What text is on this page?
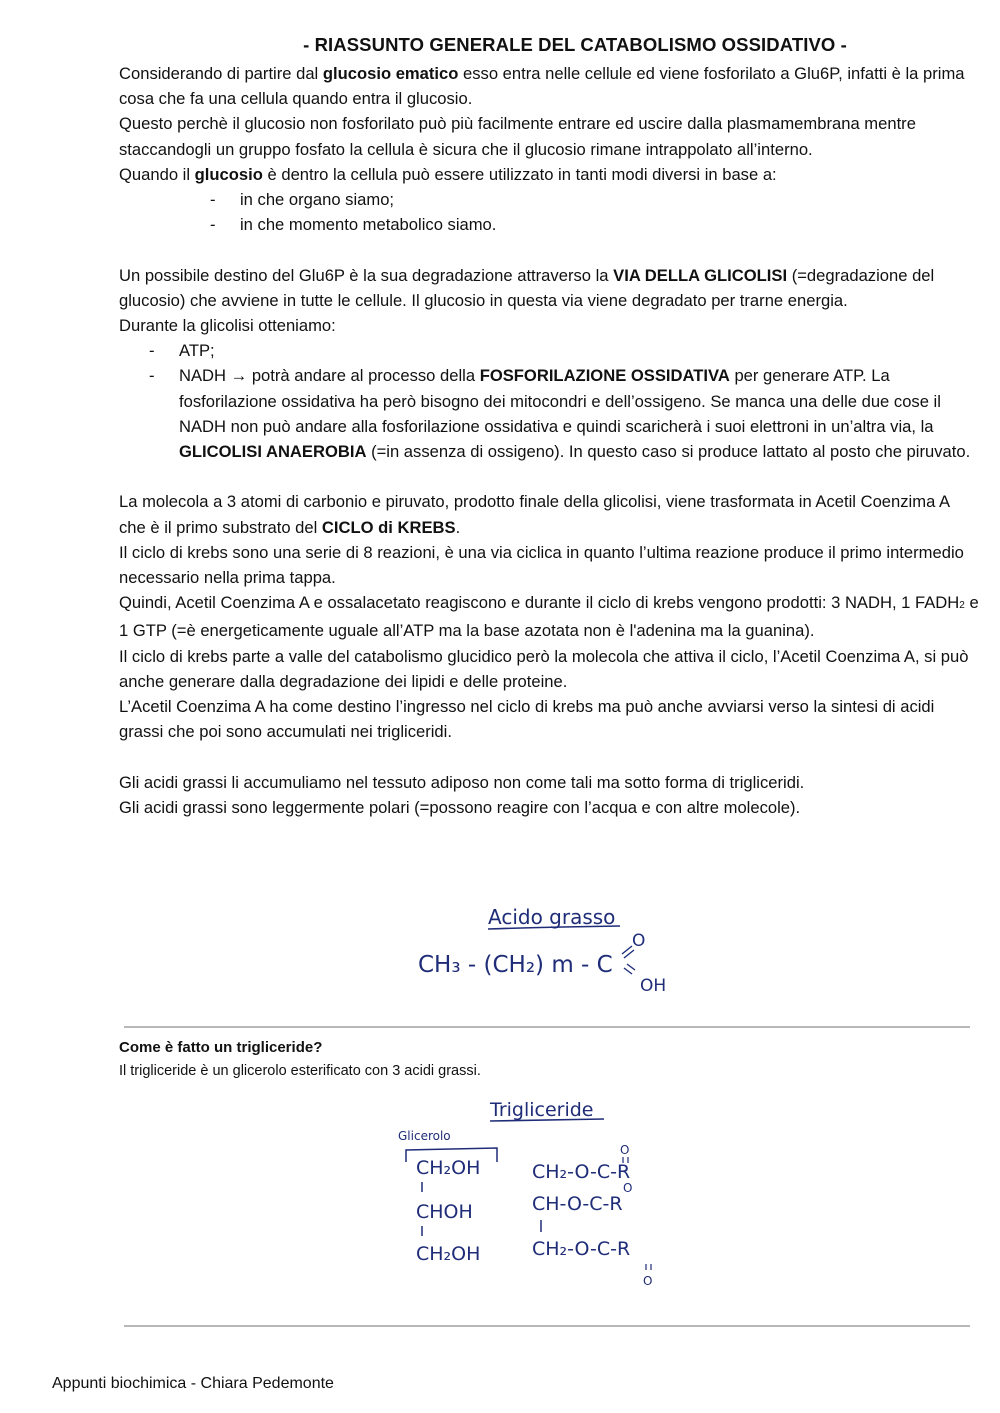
- RIASSUNTO GENERALE DEL CATABOLISMO OSSIDATIVO -

Considerando di partire dal glucosio ematico esso entra nelle cellule ed viene fosforilato a Glu6P, infatti è la prima cosa che fa una cellula quando entra il glucosio.

Questo perchè il glucosio non fosforilato può più facilmente entrare ed uscire dalla plasmamembrana mentre staccandogli un gruppo fosfato la cellula è sicura che il glucosio rimane intrappolato all’interno.

Quando il glucosio è dentro la cellula può essere utilizzato in tanti modi diversi in base a:

- in che organo siamo;
- in che momento metabolico siamo.

Un possibile destino del Glu6P è la sua degradazione attraverso la VIA DELLA GLICOLISI (=degradazione del glucosio) che avviene in tutte le cellule. Il glucosio in questa via viene degradato per trarne energia.

Durante la glicolisi otteniamo:

- ATP;
- NADH → potrà andare al processo della FOSFORILAZIONE OSSIDATIVA per generare ATP. La fosforilazione ossidativa ha però bisogno dei mitocondri e dell’ossigeno. Se manca una delle due cose il NADH non può andare alla fosforilazione ossidativa e quindi scaricherà i suoi elettroni in un’altra via, la GLICOLISI ANAEROBIA (=in assenza di ossigeno). In questo caso si produce lattato al posto che piruvato.

La molecola a 3 atomi di carbonio e piruvato, prodotto finale della glicolisi, viene trasformata in Acetil Coenzima A che è il primo substrato del CICLO di KREBS.

Il ciclo di krebs sono una serie di 8 reazioni, è una via ciclica in quanto l’ultima reazione produce il primo intermedio necessario nella prima tappa.

Quindi, Acetil Coenzima A e ossalacetato reagiscono e durante il ciclo di krebs vengono prodotti: 3 NADH, 1 FADH2 e 1 GTP (=è energeticamente uguale all’ATP ma la base azotata non è l'adenina ma la guanina).

Il ciclo di krebs parte a valle del catabolismo glucidico però la molecola che attiva il ciclo, l’Acetil Coenzima A, si può anche generare dalla degradazione dei lipidi e delle proteine.

L’Acetil Coenzima A ha come destino l’ingresso nel ciclo di krebs ma può anche avviarsi verso la sintesi di acidi grassi che poi sono accumulati nei trigliceridi.

Gli acidi grassi li accumuliamo nel tessuto adiposo non come tali ma sotto forma di trigliceridi.

Gli acidi grassi sono leggermente polari (=possono reagire con l’acqua e con altre molecole).

Acido grasso
CH₃ - (CH₂) m - C
O
OH
Come è fatto un trigliceride?
Il trigliceride è un glicerolo esterificato con 3 acidi grassi.
Trigliceride
Glicerolo
CH₂OH
CHOH
CH₂OH
CH₂-O-C-R
O
CH-O-C-R
O
CH₂-O-C-R
O
Appunti biochimica - Chiara Pedemonte
